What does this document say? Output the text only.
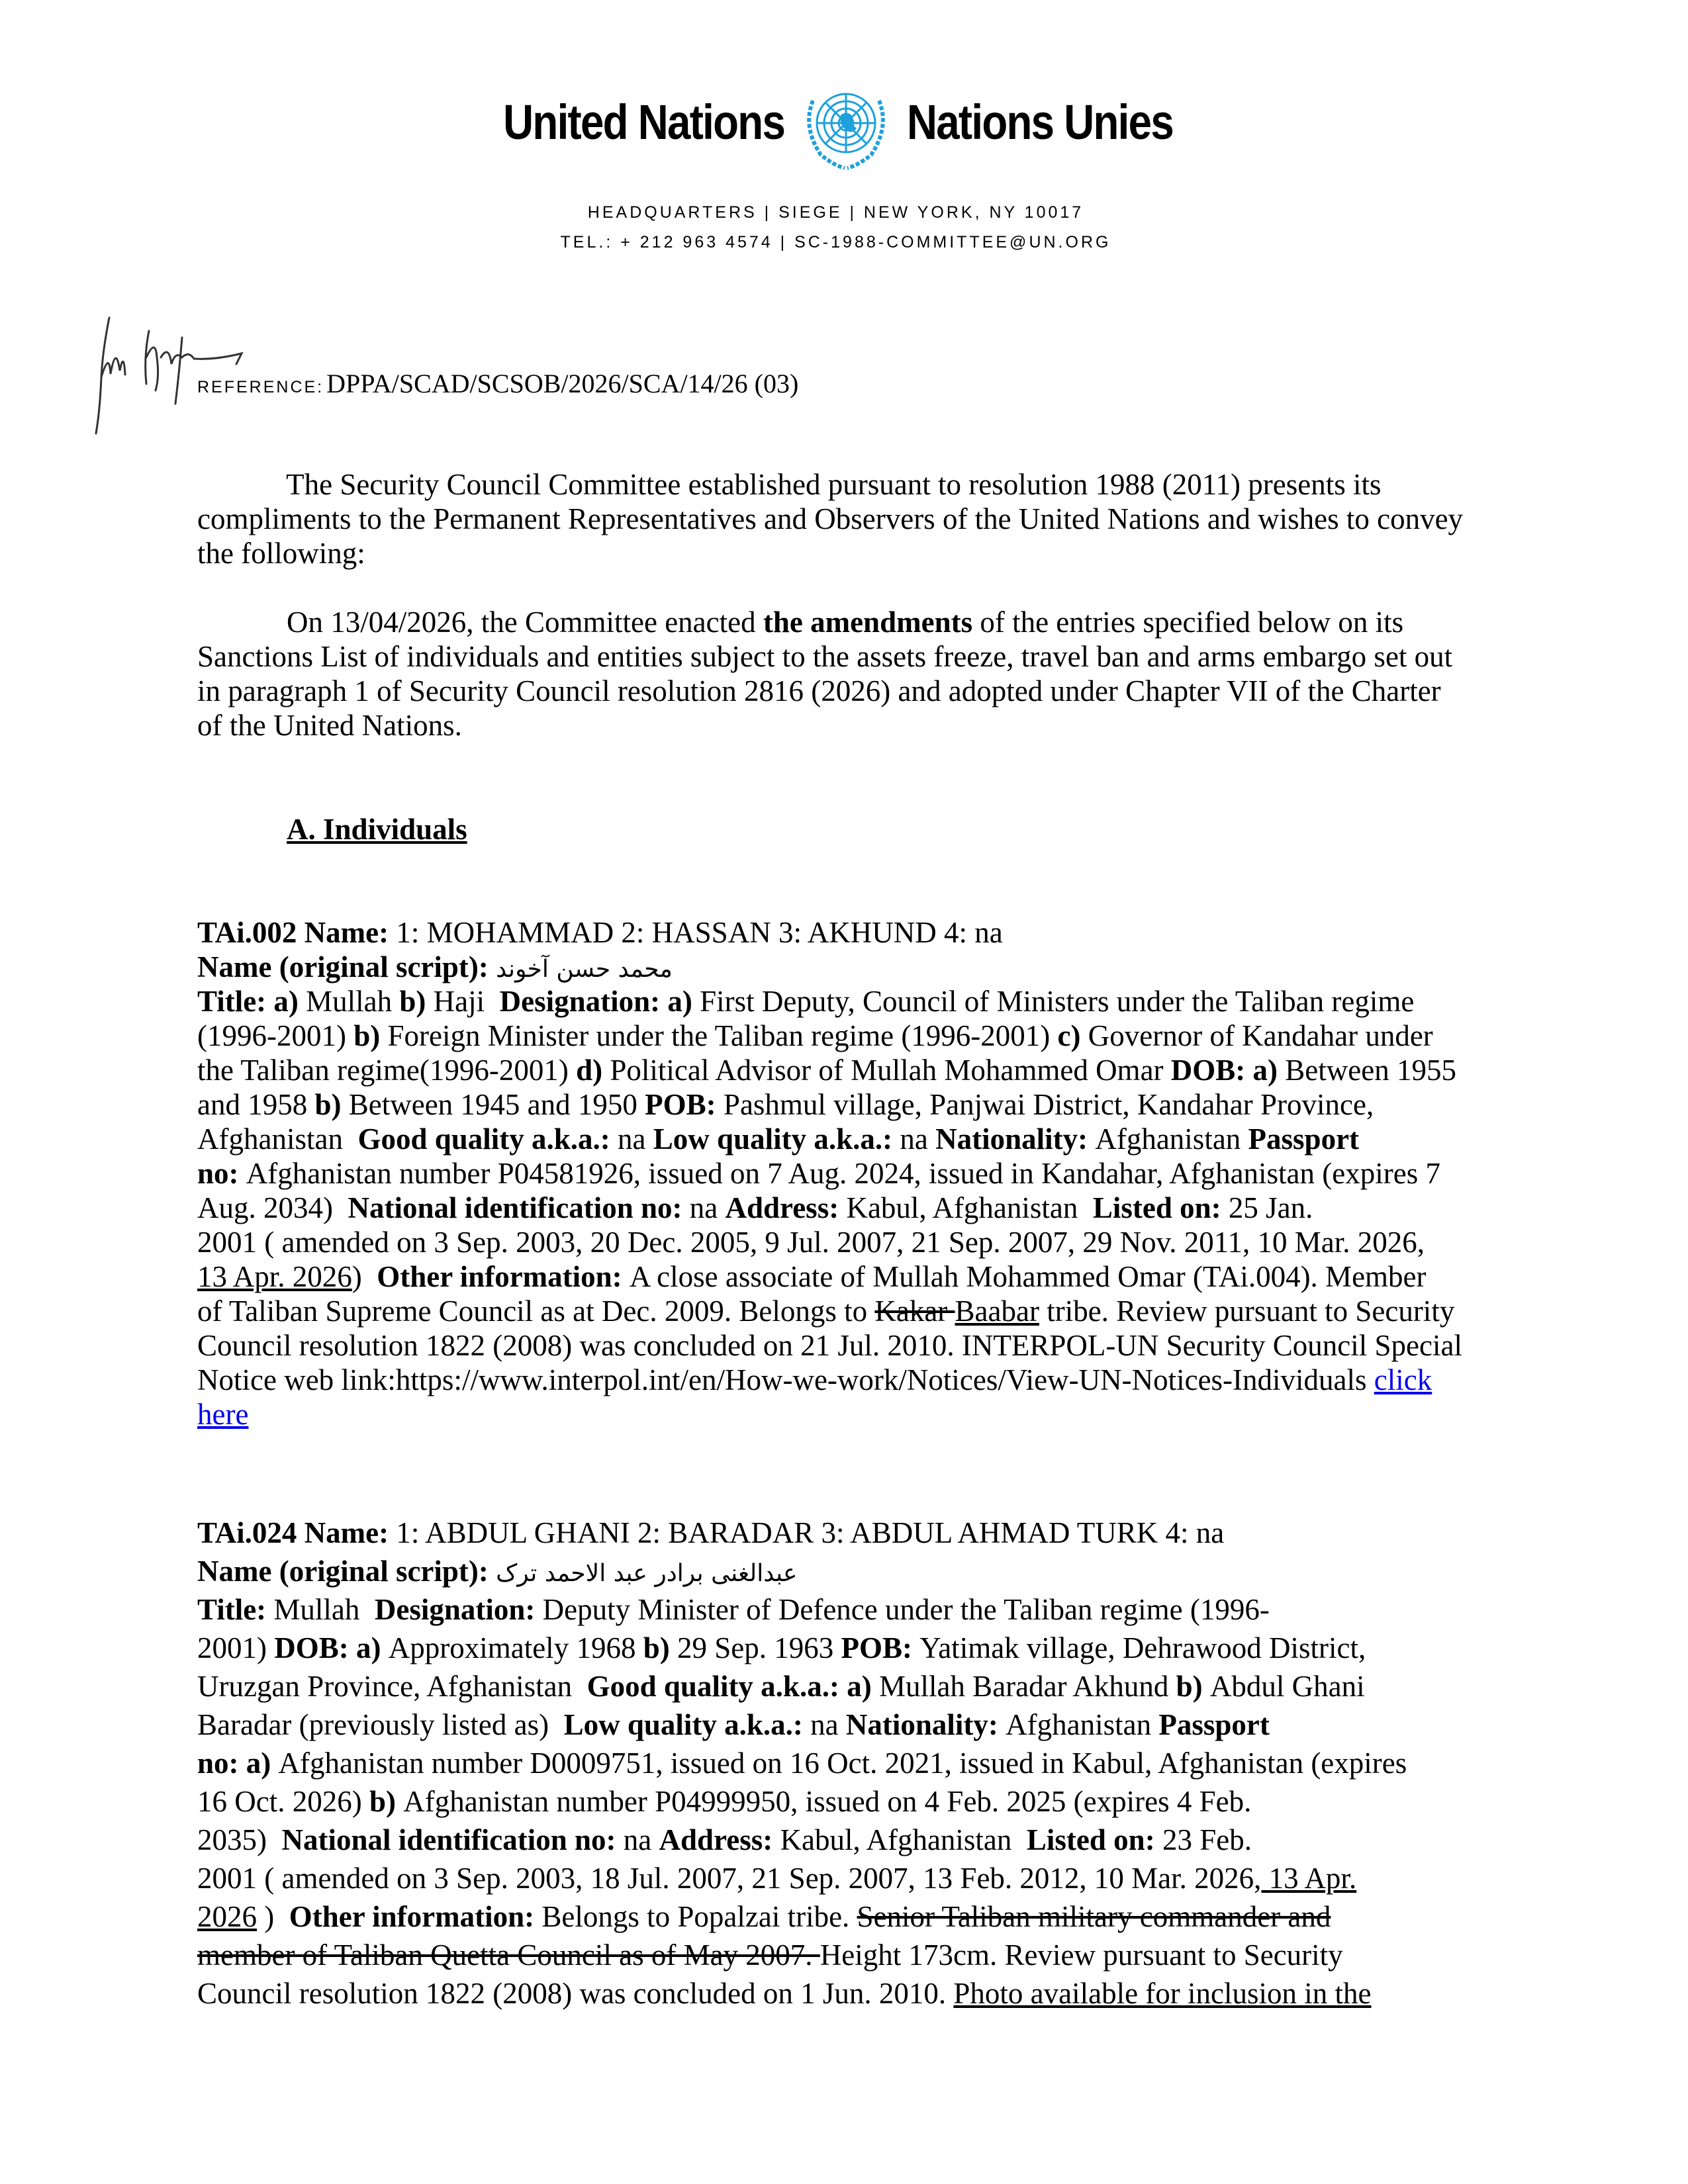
United Nations	Nations Unies
HEADQUARTERS | SIEGE | NEW YORK, NY 10017
TEL.: + 212 963 4574 | SC-1988-COMMITTEE@UN.ORG
REFERENCE: DPPA/SCAD/SCSOB/2026/SCA/14/26 (03)
The Security Council Committee established pursuant to resolution 1988 (2011) presents its
compliments to the Permanent Representatives and Observers of the United Nations and wishes to convey
the following:
On 13/04/2026, the Committee enacted the amendments of the entries specified below on its
Sanctions List of individuals and entities subject to the assets freeze, travel ban and arms embargo set out
in paragraph 1 of Security Council resolution 2816 (2026) and adopted under Chapter VII of the Charter
of the United Nations.
A. Individuals
TAi.002 Name: 1: MOHAMMAD 2: HASSAN 3: AKHUND 4: na
Name (original script): محمد حسن آخوند
Title: a) Mullah b) Haji  Designation: a) First Deputy, Council of Ministers under the Taliban regime
(1996-2001) b) Foreign Minister under the Taliban regime (1996-2001) c) Governor of Kandahar under
the Taliban regime(1996-2001) d) Political Advisor of Mullah Mohammed Omar DOB: a) Between 1955
and 1958 b) Between 1945 and 1950 POB: Pashmul village, Panjwai District, Kandahar Province,
Afghanistan  Good quality a.k.a.: na Low quality a.k.a.: na Nationality: Afghanistan Passport
no: Afghanistan number P04581926, issued on 7 Aug. 2024, issued in Kandahar, Afghanistan (expires 7
Aug. 2034)  National identification no: na Address: Kabul, Afghanistan  Listed on: 25 Jan.
2001 ( amended on 3 Sep. 2003, 20 Dec. 2005, 9 Jul. 2007, 21 Sep. 2007, 29 Nov. 2011, 10 Mar. 2026,
13 Apr. 2026)  Other information: A close associate of Mullah Mohammed Omar (TAi.004). Member
of Taliban Supreme Council as at Dec. 2009. Belongs to Kakar Baabar tribe. Review pursuant to Security
Council resolution 1822 (2008) was concluded on 21 Jul. 2010. INTERPOL-UN Security Council Special
Notice web link:https://www.interpol.int/en/How-we-work/Notices/View-UN-Notices-Individuals click
here
TAi.024 Name: 1: ABDUL GHANI 2: BARADAR 3: ABDUL AHMAD TURK 4: na
Name (original script): عبدالغنی برادر عبد الاحمد ترک
Title: Mullah  Designation: Deputy Minister of Defence under the Taliban regime (1996-
2001) DOB: a) Approximately 1968 b) 29 Sep. 1963 POB: Yatimak village, Dehrawood District,
Uruzgan Province, Afghanistan  Good quality a.k.a.: a) Mullah Baradar Akhund b) Abdul Ghani
Baradar (previously listed as)  Low quality a.k.a.: na Nationality: Afghanistan Passport
no: a) Afghanistan number D0009751, issued on 16 Oct. 2021, issued in Kabul, Afghanistan (expires
16 Oct. 2026) b) Afghanistan number P04999950, issued on 4 Feb. 2025 (expires 4 Feb.
2035)  National identification no: na Address: Kabul, Afghanistan  Listed on: 23 Feb.
2001 ( amended on 3 Sep. 2003, 18 Jul. 2007, 21 Sep. 2007, 13 Feb. 2012, 10 Mar. 2026, 13 Apr.
2026 )  Other information: Belongs to Popalzai tribe. Senior Taliban military commander and
member of Taliban Quetta Council as of May 2007. Height 173cm. Review pursuant to Security
Council resolution 1822 (2008) was concluded on 1 Jun. 2010. Photo available for inclusion in the
